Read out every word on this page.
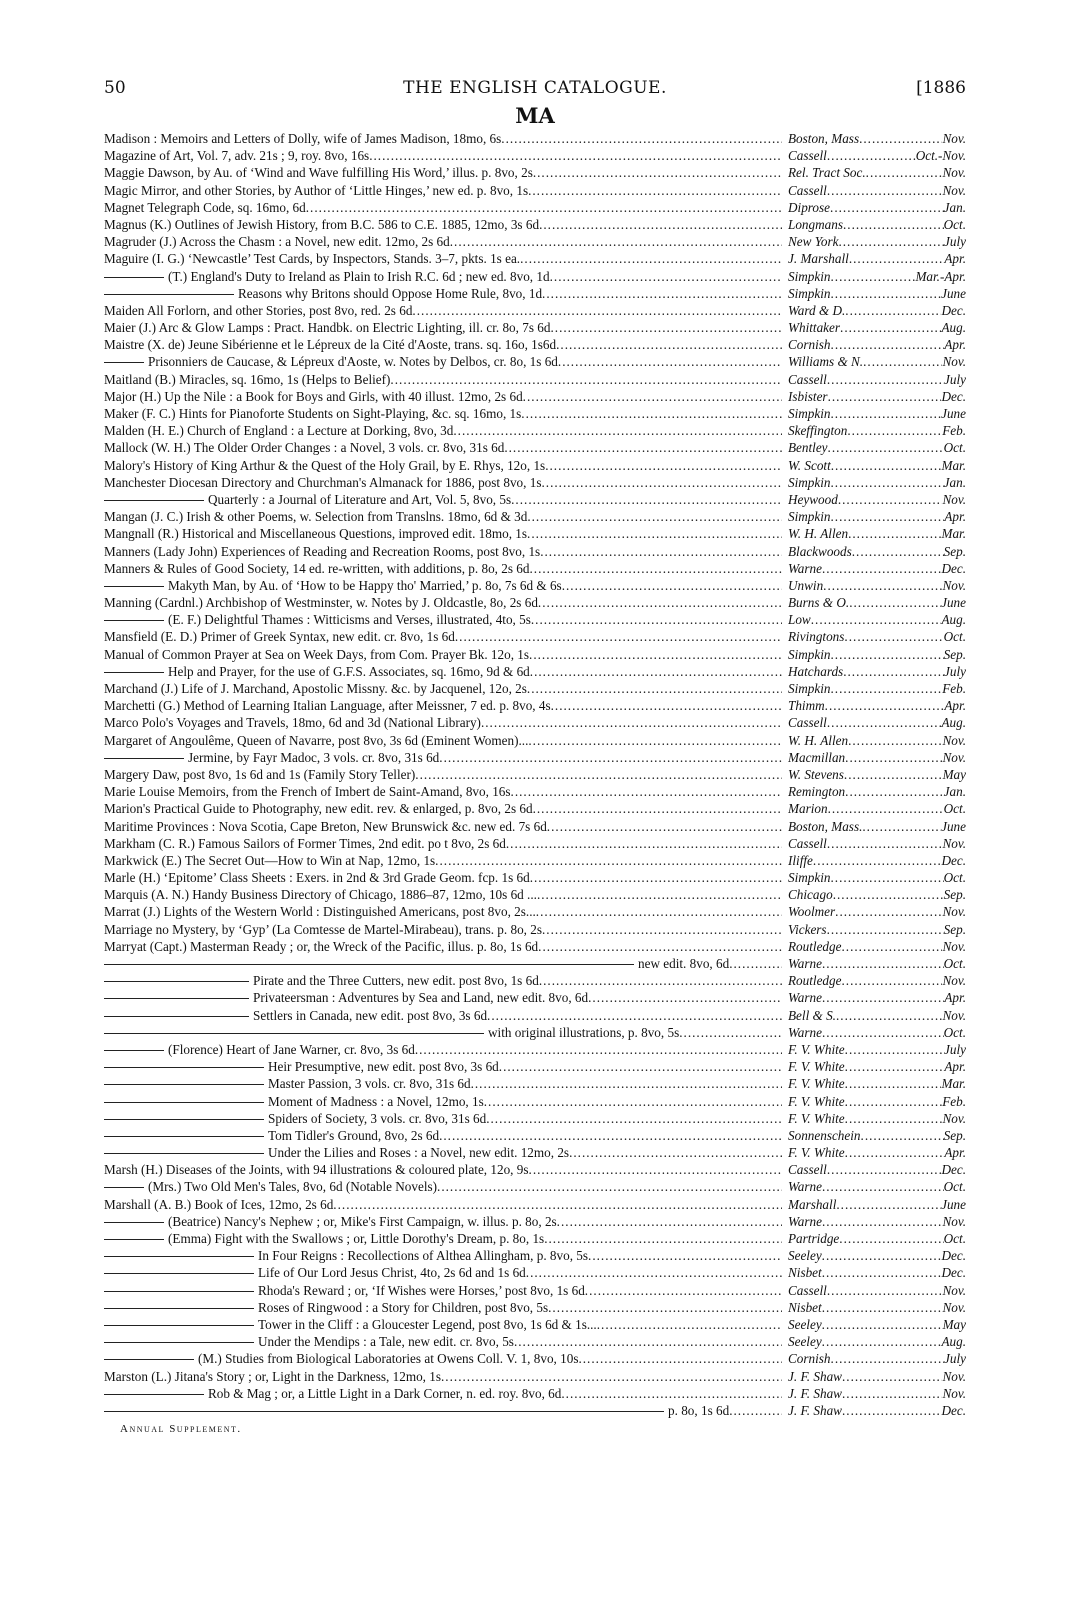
50	THE ENGLISH CATALOGUE.	[1886
MA
Madison : Memoirs and Letters of Dolly, wife of James Madison, 18mo, 6s .....	Boston, Mass .....	Nov.
Magazine of Art, Vol. 7, adv. 21s ; 9, roy. 8vo, 16s .....	Cassell .....	Oct.-Nov.
Maggie Dawson, by Au. of ‘Wind and Wave fulfilling His Word,’ illus. p. 8vo, 2s .....	Rel. Tract Soc. .....	Nov.
Magic Mirror, and other Stories, by Author of ‘Little Hinges,’ new ed. p. 8vo, 1s .....	Cassell .....	Nov.
Magnet Telegraph Code, sq. 16mo, 6d .....	Diprose .....	Jan.
Magnus (K.) Outlines of Jewish History, from B.C. 586 to C.E. 1885, 12mo, 3s 6d .....	Longmans .....	Oct.
Magruder (J.) Across the Chasm : a Novel, new edit. 12mo, 2s 6d .....	New York .....	July
Maguire (I. G.) ‘Newcastle’ Test Cards, by Inspectors, Stands. 3–7, pkts. 1s ea. .....	J. Marshall .....	Apr.
(T.) England's Duty to Ireland as Plain to Irish R.C. 6d ; new ed. 8vo, 1d .....	Simpkin .....	Mar.-Apr.
Reasons why Britons should Oppose Home Rule, 8vo, 1d .....	Simpkin .....	June
Maiden All Forlorn, and other Stories, post 8vo, red. 2s 6d .....	Ward & D. .....	Dec.
Maier (J.) Arc & Glow Lamps : Pract. Handbk. on Electric Lighting, ill. cr. 8o, 7s 6d .....	Whittaker .....	Aug.
Maistre (X. de) Jeune Sibérienne et le Lépreux de la Cité d'Aoste, trans. sq. 16o, 1s6d .....	Cornish .....	Apr.
Prisonniers de Caucase, & Lépreux d'Aoste, w. Notes by Delbos, cr. 8o, 1s 6d .....	Williams & N. .....	Nov.
Maitland (B.) Miracles, sq. 16mo, 1s (Helps to Belief) .....	Cassell .....	July
Major (H.) Up the Nile : a Book for Boys and Girls, with 40 illust. 12mo, 2s 6d .....	Isbister .....	Dec.
Maker (F. C.) Hints for Pianoforte Students on Sight-Playing, &c. sq. 16mo, 1s .....	Simpkin .....	June
Malden (H. E.) Church of England : a Lecture at Dorking, 8vo, 3d .....	Skeffington .....	Feb.
Mallock (W. H.) The Older Order Changes : a Novel, 3 vols. cr. 8vo, 31s 6d .....	Bentley .....	Oct.
Malory's History of King Arthur & the Quest of the Holy Grail, by E. Rhys, 12o, 1s .....	W. Scott .....	Mar.
Manchester Diocesan Directory and Churchman's Almanack for 1886, post 8vo, 1s .....	Simpkin .....	Jan.
Quarterly : a Journal of Literature and Art, Vol. 5, 8vo, 5s .....	Heywood .....	Nov.
Mangan (J. C.) Irish & other Poems, w. Selection from Translns. 18mo, 6d & 3d .....	Simpkin .....	Apr.
Mangnall (R.) Historical and Miscellaneous Questions, improved edit. 18mo, 1s .....	W. H. Allen .....	Mar.
Manners (Lady John) Experiences of Reading and Recreation Rooms, post 8vo, 1s .....	Blackwoods .....	Sep.
Manners & Rules of Good Society, 14 ed. re-written, with additions, p. 8o, 2s 6d .....	Warne .....	Dec.
Makyth Man, by Au. of ‘How to be Happy tho' Married,’ p. 8o, 7s 6d & 6s .....	Unwin .....	Nov.
Manning (Cardnl.) Archbishop of Westminster, w. Notes by J. Oldcastle, 8o, 2s 6d .....	Burns & O. .....	June
(E. F.) Delightful Thames : Witticisms and Verses, illustrated, 4to, 5s .....	Low .....	Aug.
Mansfield (E. D.) Primer of Greek Syntax, new edit. cr. 8vo, 1s 6d .....	Rivingtons .....	Oct.
Manual of Common Prayer at Sea on Week Days, from Com. Prayer Bk. 12o, 1s .....	Simpkin .....	Sep.
Help and Prayer, for the use of G.F.S. Associates, sq. 16mo, 9d & 6d .....	Hatchards .....	July
Marchand (J.) Life of J. Marchand, Apostolic Missny. &c. by Jacquenel, 12o, 2s .....	Simpkin .....	Feb.
Marchetti (G.) Method of Learning Italian Language, after Meissner, 7 ed. p. 8vo, 4s .....	Thimm .....	Apr.
Marco Polo's Voyages and Travels, 18mo, 6d and 3d (National Library) .....	Cassell .....	Aug.
Margaret of Angoulême, Queen of Navarre, post 8vo, 3s 6d (Eminent Women)... .....	W. H. Allen .....	Nov.
Jermine, by Fayr Madoc, 3 vols. cr. 8vo, 31s 6d .....	Macmillan .....	Nov.
Margery Daw, post 8vo, 1s 6d and 1s (Family Story Teller) .....	W. Stevens .....	May
Marie Louise Memoirs, from the French of Imbert de Saint-Amand, 8vo, 16s .....	Remington .....	Jan.
Marion's Practical Guide to Photography, new edit. rev. & enlarged, p. 8vo, 2s 6d .....	Marion .....	Oct.
Maritime Provinces : Nova Scotia, Cape Breton, New Brunswick &c. new ed. 7s 6d .....	Boston, Mass. .....	June
Markham (C. R.) Famous Sailors of Former Times, 2nd edit. po t 8vo, 2s 6d .....	Cassell .....	Nov.
Markwick (E.) The Secret Out—How to Win at Nap, 12mo, 1s .....	Iliffe .....	Dec.
Marle (H.) ‘Epitome’ Class Sheets : Exers. in 2nd & 3rd Grade Geom. fcp. 1s 6d .....	Simpkin .....	Oct.
Marquis (A. N.) Handy Business Directory of Chicago, 1886–87, 12mo, 10s 6d ... .....	Chicago .....	Sep.
Marrat (J.) Lights of the Western World : Distinguished Americans, post 8vo, 2s... .....	Woolmer .....	Nov.
Marriage no Mystery, by ‘Gyp’ (La Comtesse de Martel-Mirabeau), trans. p. 8o, 2s .....	Vickers .....	Sep.
Marryat (Capt.) Masterman Ready ; or, the Wreck of the Pacific, illus. p. 8o, 1s 6d .....	Routledge .....	Nov.
new edit. 8vo, 6d .....	Warne .....	Oct.
Pirate and the Three Cutters, new edit. post 8vo, 1s 6d .....	Routledge .....	Nov.
Privateersman : Adventures by Sea and Land, new edit. 8vo, 6d .....	Warne .....	Apr.
Settlers in Canada, new edit. post 8vo, 3s 6d .....	Bell & S. .....	Nov.
with original illustrations, p. 8vo, 5s .....	Warne .....	Oct.
(Florence) Heart of Jane Warner, cr. 8vo, 3s 6d .....	F. V. White .....	July
Heir Presumptive, new edit. post 8vo, 3s 6d .....	F. V. White .....	Apr.
Master Passion, 3 vols. cr. 8vo, 31s 6d .....	F. V. White .....	Mar.
Moment of Madness : a Novel, 12mo, 1s .....	F. V. White .....	Feb.
Spiders of Society, 3 vols. cr. 8vo, 31s 6d .....	F. V. White .....	Nov.
Tom Tidler's Ground, 8vo, 2s 6d .....	Sonnenschein .....	Sep.
Under the Lilies and Roses : a Novel, new edit. 12mo, 2s .....	F. V. White .....	Apr.
Marsh (H.) Diseases of the Joints, with 94 illustrations & coloured plate, 12o, 9s .....	Cassell .....	Dec.
(Mrs.) Two Old Men's Tales, 8vo, 6d (Notable Novels) .....	Warne .....	Oct.
Marshall (A. B.) Book of Ices, 12mo, 2s 6d .....	Marshall .....	June
(Beatrice) Nancy's Nephew ; or, Mike's First Campaign, w. illus. p. 8o, 2s .....	Warne .....	Nov.
(Emma) Fight with the Swallows ; or, Little Dorothy's Dream, p. 8o, 1s .....	Partridge .....	Oct.
In Four Reigns : Recollections of Althea Allingham, p. 8vo, 5s .....	Seeley .....	Dec.
Life of Our Lord Jesus Christ, 4to, 2s 6d and 1s 6d .....	Nisbet .....	Dec.
Rhoda's Reward ; or, ‘If Wishes were Horses,’ post 8vo, 1s 6d .....	Cassell .....	Nov.
Roses of Ringwood : a Story for Children, post 8vo, 5s .....	Nisbet .....	Nov.
Tower in the Cliff : a Gloucester Legend, post 8vo, 1s 6d & 1s... .....	Seeley .....	May
Under the Mendips : a Tale, new edit. cr. 8vo, 5s .....	Seeley .....	Aug.
(M.) Studies from Biological Laboratories at Owens Coll. V. 1, 8vo, 10s .....	Cornish .....	July
Marston (L.) Jitana's Story ; or, Light in the Darkness, 12mo, 1s .....	J. F. Shaw .....	Nov.
Rob & Mag ; or, a Little Light in a Dark Corner, n. ed. roy. 8vo, 6d .....	J. F. Shaw .....	Nov.
p. 8o, 1s 6d .....	J. F. Shaw .....	Dec.
Annual Supplement.
